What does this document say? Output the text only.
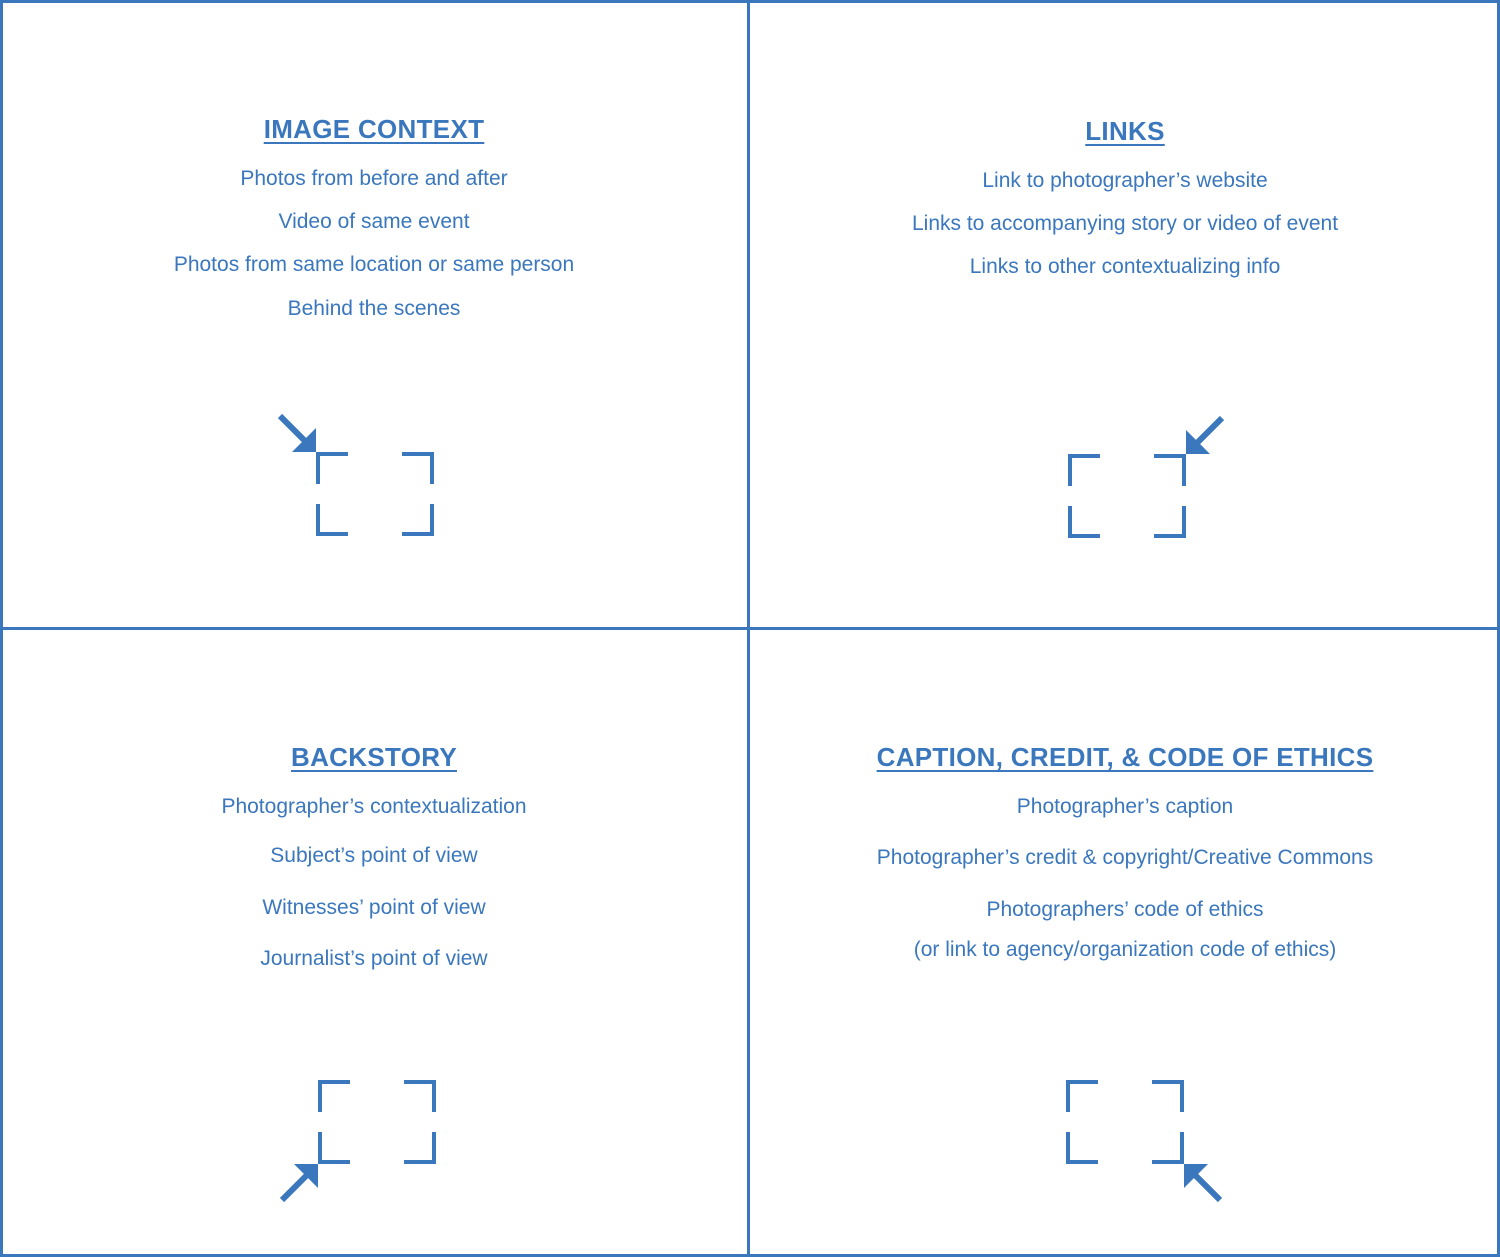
IMAGE CONTEXT

Photos from before and after

Video of same event

Photos from same location or same person

Behind the scenes

LINKS

Link to photographer’s website

Links to accompanying story or video of event

Links to other contextualizing info

BACKSTORY

Photographer’s contextualization

Subject’s point of view

Witnesses’ point of view

Journalist’s point of view

CAPTION, CREDIT, & CODE OF ETHICS

Photographer’s caption

Photographer’s credit & copyright/Creative Commons

Photographers’ code of ethics

(or link to agency/organization code of ethics)
